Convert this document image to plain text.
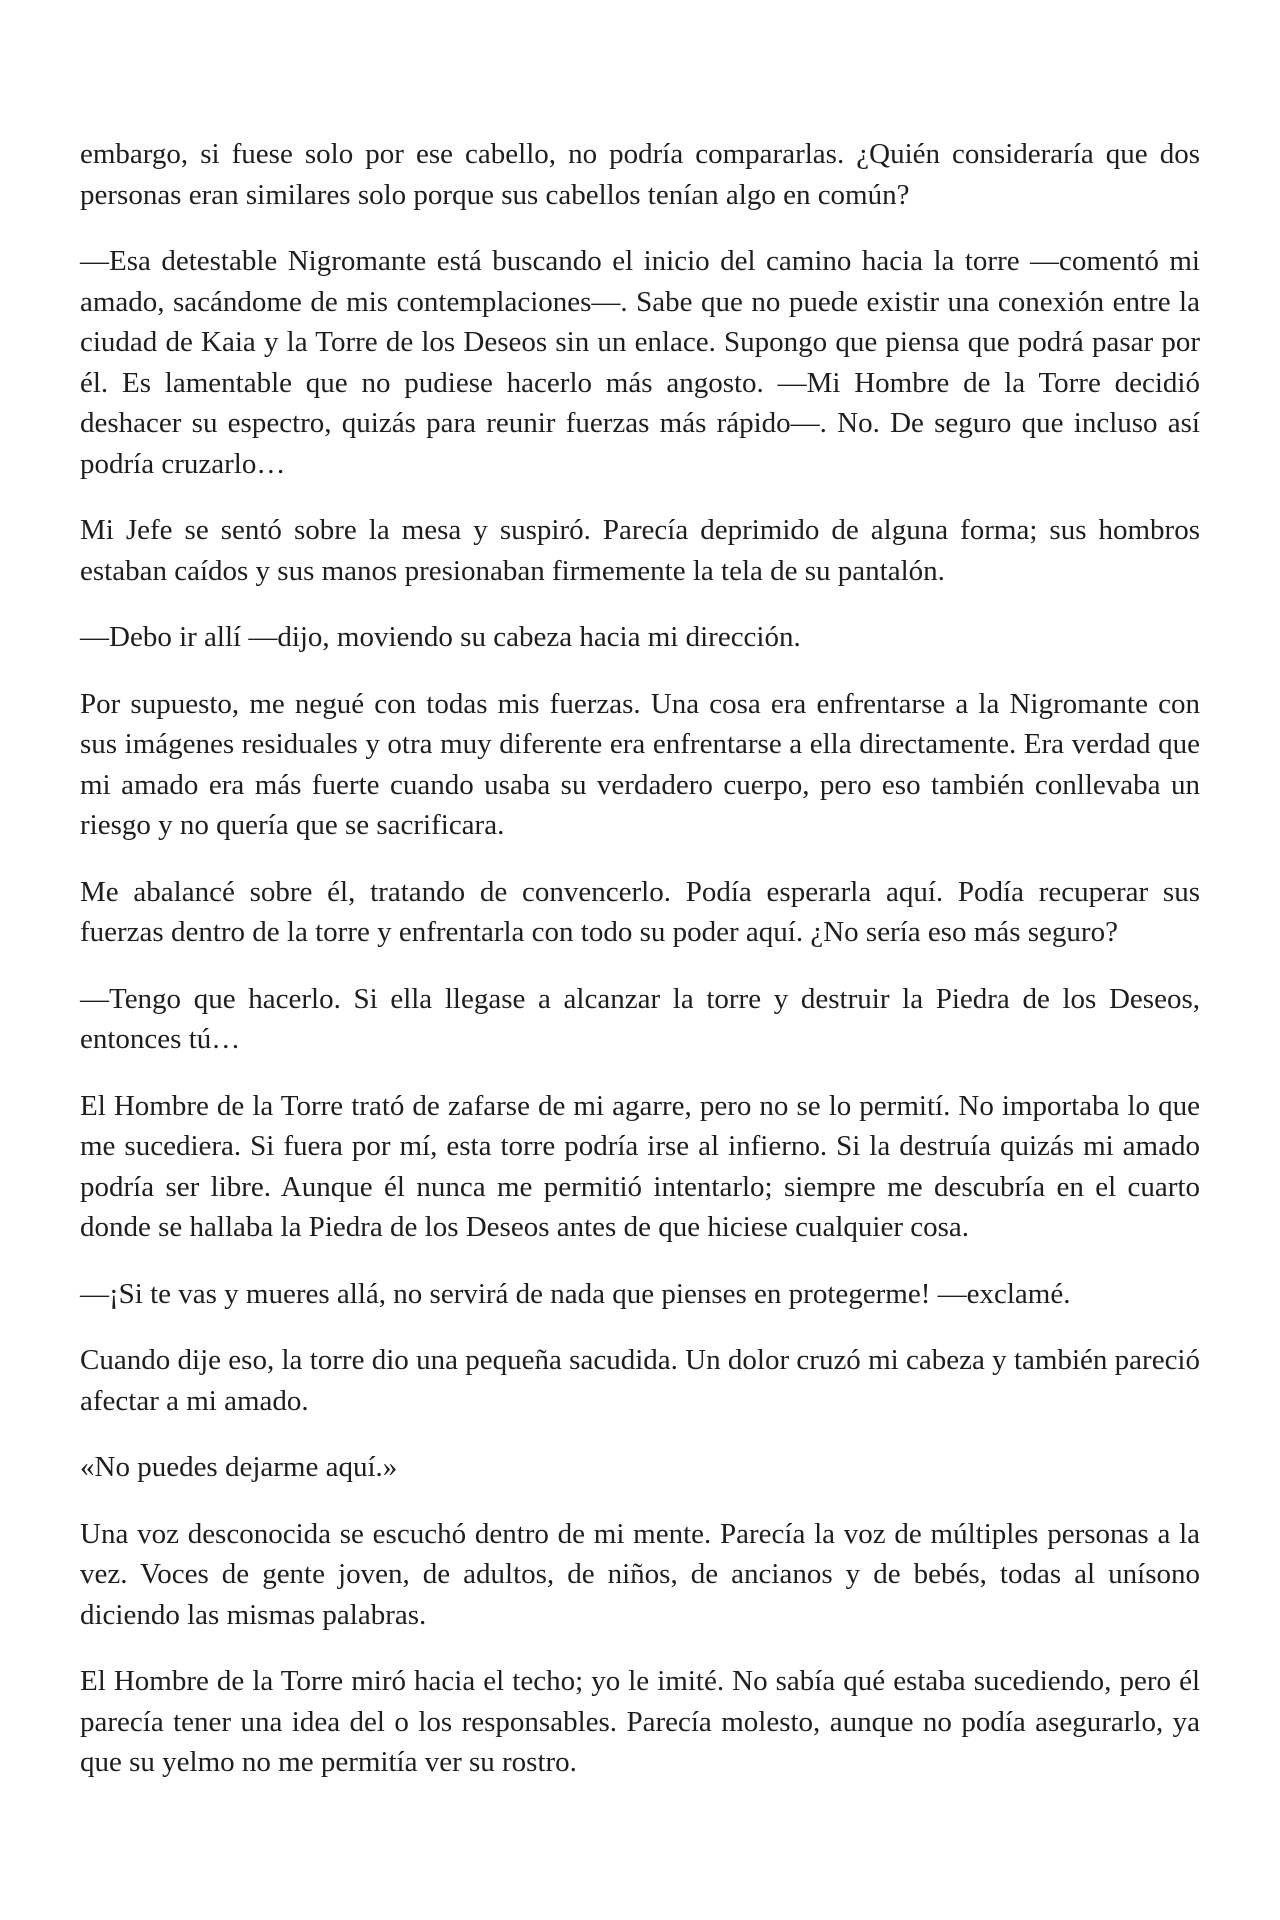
embargo, si fuese solo por ese cabello, no podría compararlas. ¿Quién consideraría que dos personas eran similares solo porque sus cabellos tenían algo en común?

—Esa detestable Nigromante está buscando el inicio del camino hacia la torre —comentó mi amado, sacándome de mis contemplaciones—. Sabe que no puede existir una conexión entre la ciudad de Kaia y la Torre de los Deseos sin un enlace. Supongo que piensa que podrá pasar por él. Es lamentable que no pudiese hacerlo más angosto. —Mi Hombre de la Torre decidió deshacer su espectro, quizás para reunir fuerzas más rápido—. No. De seguro que incluso así podría cruzarlo…

Mi Jefe se sentó sobre la mesa y suspiró. Parecía deprimido de alguna forma; sus hombros estaban caídos y sus manos presionaban firmemente la tela de su pantalón.

—Debo ir allí —dijo, moviendo su cabeza hacia mi dirección.

Por supuesto, me negué con todas mis fuerzas. Una cosa era enfrentarse a la Nigromante con sus imágenes residuales y otra muy diferente era enfrentarse a ella directamente. Era verdad que mi amado era más fuerte cuando usaba su verdadero cuerpo, pero eso también conllevaba un riesgo y no quería que se sacrificara.

Me abalancé sobre él, tratando de convencerlo. Podía esperarla aquí. Podía recuperar sus fuerzas dentro de la torre y enfrentarla con todo su poder aquí. ¿No sería eso más seguro?

—Tengo que hacerlo. Si ella llegase a alcanzar la torre y destruir la Piedra de los Deseos, entonces tú…

El Hombre de la Torre trató de zafarse de mi agarre, pero no se lo permití. No importaba lo que me sucediera. Si fuera por mí, esta torre podría irse al infierno. Si la destruía quizás mi amado podría ser libre. Aunque él nunca me permitió intentarlo; siempre me descubría en el cuarto donde se hallaba la Piedra de los Deseos antes de que hiciese cualquier cosa.

—¡Si te vas y mueres allá, no servirá de nada que pienses en protegerme! —exclamé.

Cuando dije eso, la torre dio una pequeña sacudida. Un dolor cruzó mi cabeza y también pareció afectar a mi amado.

«No puedes dejarme aquí.»

Una voz desconocida se escuchó dentro de mi mente. Parecía la voz de múltiples personas a la vez. Voces de gente joven, de adultos, de niños, de ancianos y de bebés, todas al unísono diciendo las mismas palabras.

El Hombre de la Torre miró hacia el techo; yo le imité. No sabía qué estaba sucediendo, pero él parecía tener una idea del o los responsables. Parecía molesto, aunque no podía asegurarlo, ya que su yelmo no me permitía ver su rostro.
